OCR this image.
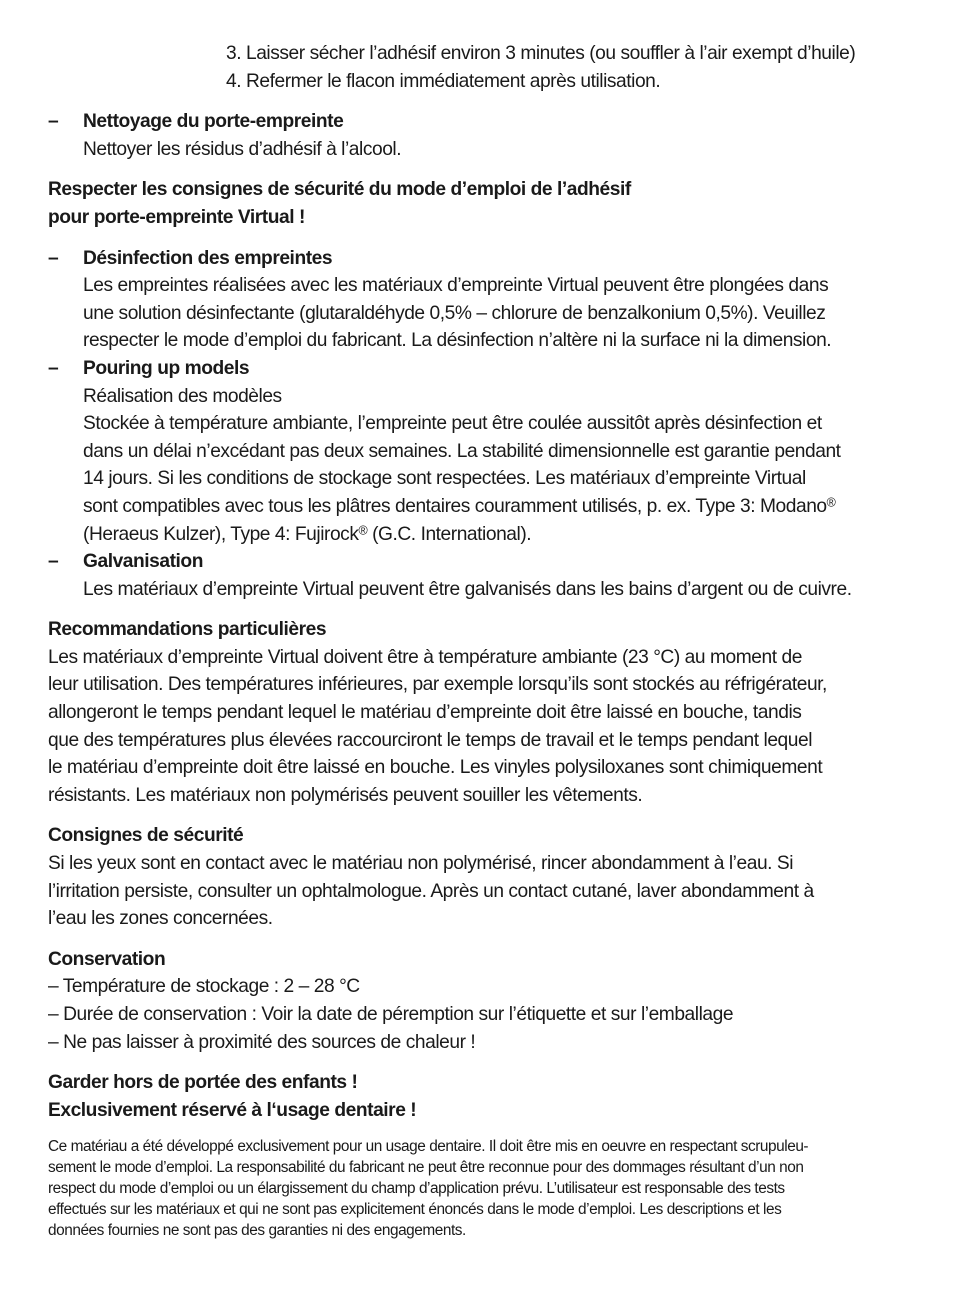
3. Laisser sécher l’adhésif environ 3 minutes (ou souffler à l’air exempt d’huile)
4. Refermer le flacon immédiatement après utilisation.
– Nettoyage du porte-empreinte
Nettoyer les résidus d’adhésif à l’alcool.
Respecter les consignes de sécurité du mode d’emploi de l’adhésif
pour porte-empreinte Virtual !
– Désinfection des empreintes
Les empreintes réalisées avec les matériaux d’empreinte Virtual peuvent être plongées dans
une solution désinfectante (glutaraldéhyde 0,5% – chlorure de benzalkonium 0,5%). Veuillez
respecter le mode d’emploi du fabricant. La désinfection n’altère ni la surface ni la dimension.
– Pouring up models
Réalisation des modèles
Stockée à température ambiante, l’empreinte peut être coulée aussitôt après désinfection et
dans un délai n’excédant pas deux semaines. La stabilité dimensionnelle est garantie pendant
14 jours. Si les conditions de stockage sont respectées. Les matériaux d’empreinte Virtual
sont compatibles avec tous les plâtres dentaires couramment utilisés, p. ex. Type 3: Modano®
(Heraeus Kulzer), Type 4: Fujirock® (G.C. International).
– Galvanisation
Les matériaux d’empreinte Virtual peuvent être galvanisés dans les bains d’argent ou de cuivre.
Recommandations particulières
Les matériaux d’empreinte Virtual doivent être à température ambiante (23 °C) au moment de
leur utilisation. Des températures inférieures, par exemple lorsqu’ils sont stockés au réfrigérateur,
allongeront le temps pendant lequel le matériau d’empreinte doit être laissé en bouche, tandis
que des températures plus élevées raccourciront le temps de travail et le temps pendant lequel
le matériau d’empreinte doit être laissé en bouche. Les vinyles polysiloxanes sont chimiquement
résistants. Les matériaux non polymérisés peuvent souiller les vêtements.
Consignes de sécurité
Si les yeux sont en contact avec le matériau non polymérisé, rincer abondamment à l’eau. Si
l’irritation persiste, consulter un ophtalmologue. Après un contact cutané, laver abondamment à
l’eau les zones concernées.
Conservation
– Température de stockage : 2 – 28 °C
– Durée de conservation : Voir la date de péremption sur l’étiquette et sur l’emballage
– Ne pas laisser à proximité des sources de chaleur !
Garder hors de portée des enfants !
Exclusivement réservé à l‘usage dentaire !
Ce matériau a été développé exclusivement pour un usage dentaire. Il doit être mis en oeuvre en respectant scrupuleu-
sement le mode d’emploi. La responsabilité du fabricant ne peut être reconnue pour des dommages résultant d’un non
respect du mode d’emploi ou un élargissement du champ d’application prévu. L’utilisateur est responsable des tests
effectués sur les matériaux et qui ne sont pas explicitement énoncés dans le mode d’emploi. Les descriptions et les
données fournies ne sont pas des garanties ni des engagements.
